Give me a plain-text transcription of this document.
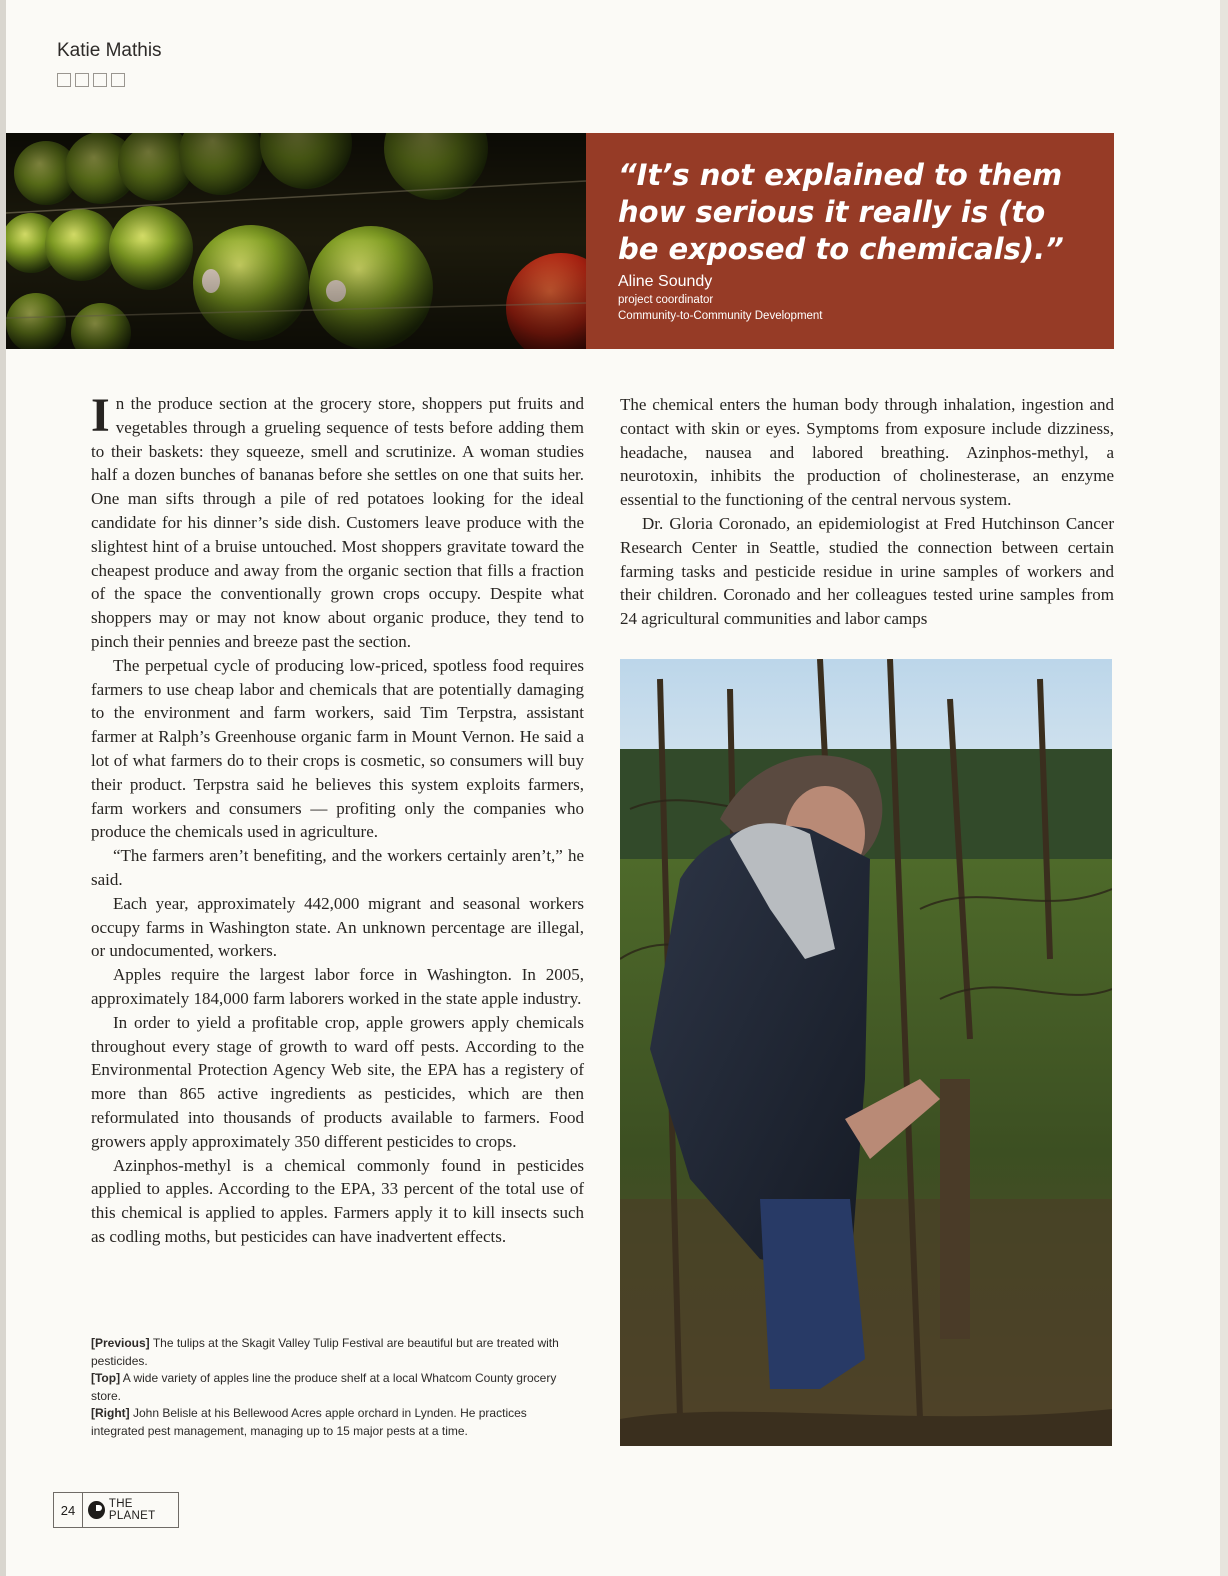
Katie Mathis
“It’s not explained to them how serious it really is (to be exposed to chemicals).”
Aline Soundy
project coordinator
Community-to-Community Development

In the produce section at the grocery store, shoppers put fruits and vegetables through a grueling sequence of tests before adding them to their baskets: they squeeze, smell and scrutinize. A woman studies half a dozen bunches of bananas before she settles on one that suits her. One man sifts through a pile of red potatoes looking for the ideal candidate for his dinner’s side dish. Customers leave produce with the slightest hint of a bruise untouched. Most shoppers gravitate toward the cheapest produce and away from the organic section that fills a fraction of the space the conventionally grown crops occupy. Despite what shoppers may or may not know about organic produce, they tend to pinch their pennies and breeze past the section.

The perpetual cycle of producing low-priced, spotless food requires farmers to use cheap labor and chemicals that are potentially damaging to the environment and farm workers, said Tim Terpstra, assistant farmer at Ralph’s Greenhouse organic farm in Mount Vernon. He said a lot of what farmers do to their crops is cosmetic, so consumers will buy their product. Terpstra said he believes this system exploits farmers, farm workers and consumers — profiting only the companies who produce the chemicals used in agriculture.

“The farmers aren’t benefiting, and the workers certainly aren’t,” he said.

Each year, approximately 442,000 migrant and seasonal workers occupy farms in Washington state. An unknown percentage are illegal, or undocumented, workers.

Apples require the largest labor force in Washington. In 2005, approximately 184,000 farm laborers worked in the state apple industry.

In order to yield a profitable crop, apple growers apply chemicals throughout every stage of growth to ward off pests. According to the Environmental Protection Agency Web site, the EPA has a registery of more than 865 active ingredients as pesticides, which are then reformulated into thousands of products available to farmers. Food growers apply approximately 350 different pesticides to crops.

Azinphos-methyl is a chemical commonly found in pesticides applied to apples. According to the EPA, 33 percent of the total use of this chemical is applied to apples. Farmers apply it to kill insects such as codling moths, but pesticides can have inadvertent effects.

The chemical enters the human body through inhalation, ingestion and contact with skin or eyes. Symptoms from exposure include dizziness, headache, nausea and labored breathing. Azinphos-methyl, a neurotoxin, inhibits the production of cholinesterase, an enzyme essential to the functioning of the central nervous system.

Dr. Gloria Coronado, an epidemiologist at Fred Hutchinson Cancer Research Center in Seattle, studied the connection between certain farming tasks and pesticide residue in urine samples of workers and their children. Coronado and her colleagues tested urine samples from 24 agricultural communities and labor camps

[Previous] The tulips at the Skagit Valley Tulip Festival are beautiful but are treated with pesticides.

[Top] A wide variety of apples line the produce shelf at a local Whatcom County grocery store.

[Right] John Belisle at his Bellewood Acres apple orchard in Lynden. He practices integrated pest management, managing up to 15 major pests at a time.

24	THE PLANET
